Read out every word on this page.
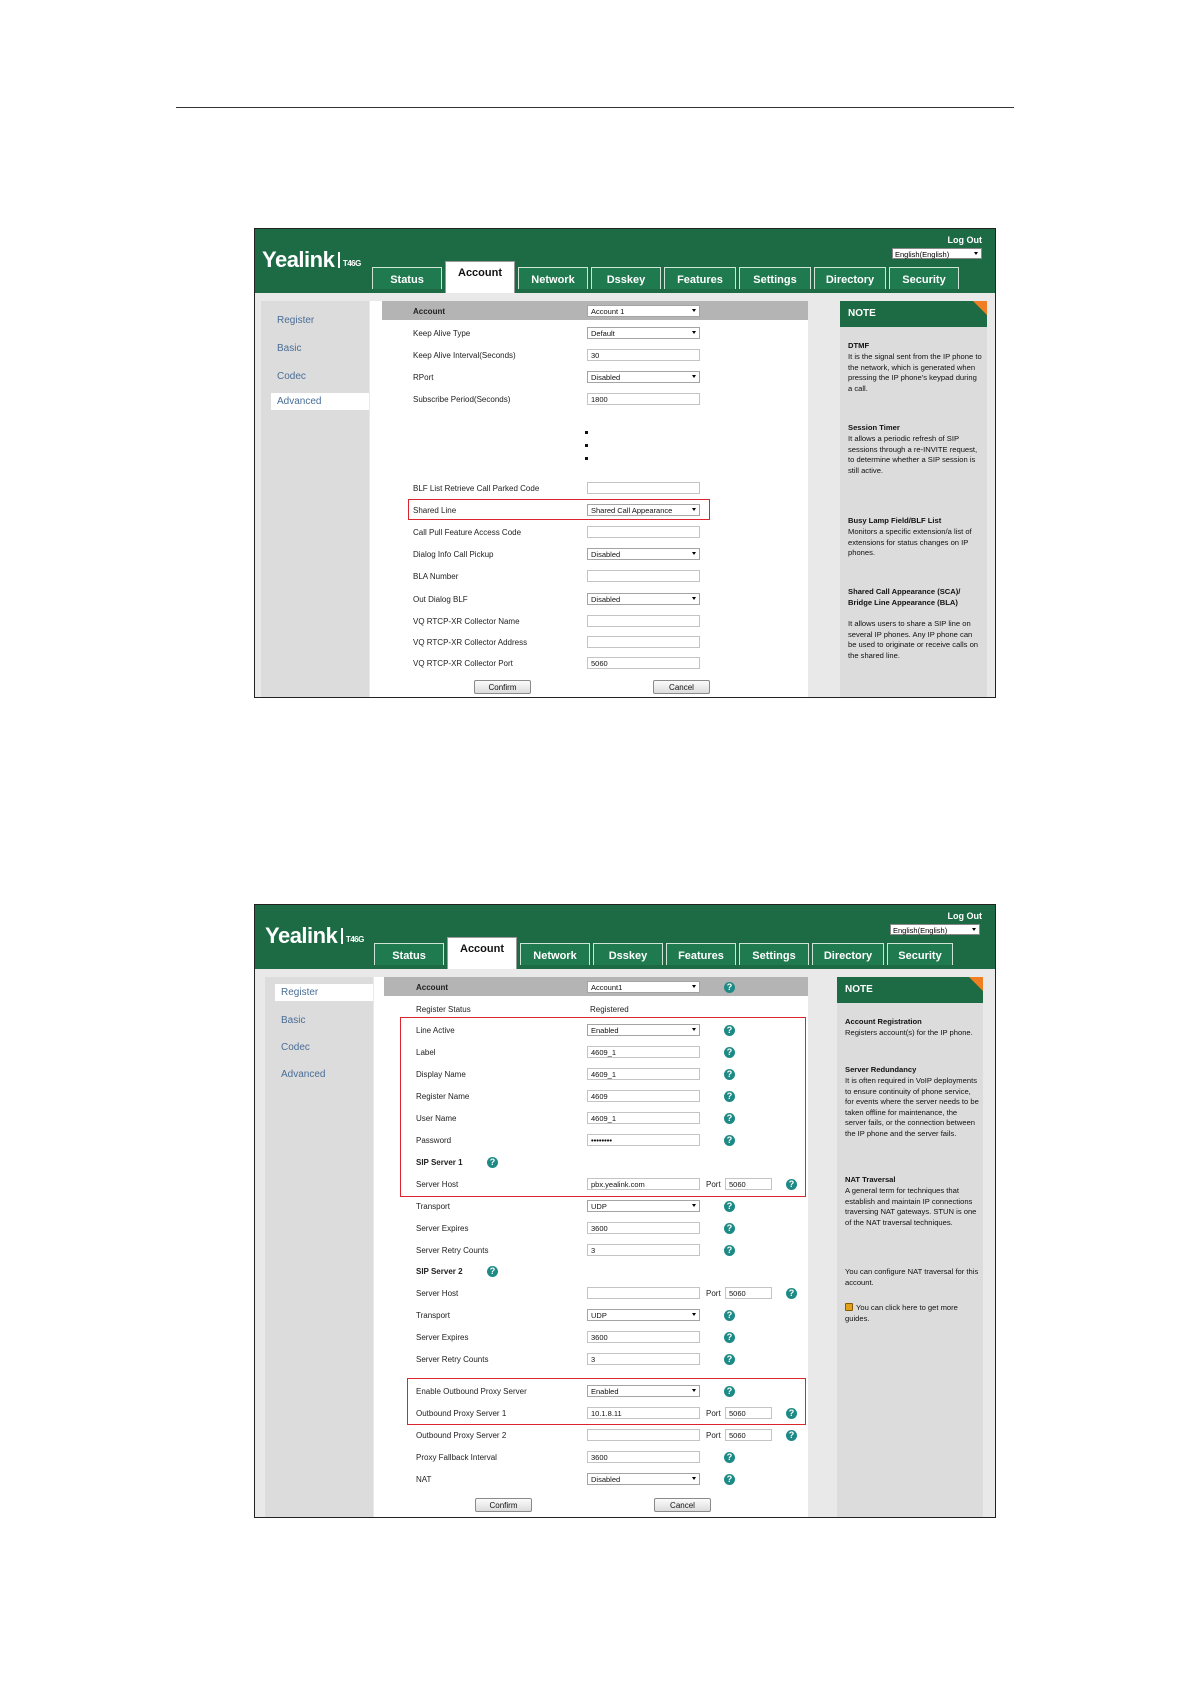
Yealink T46G
Log Out
English(English)
Status
Account
Network	Dsskey	Features	Settings	Directory	Security
Register
Basic
Codec
Advanced
Account	Account 1
Keep Alive Type	Default
Keep Alive Interval(Seconds)	30
RPort	Disabled
Subscribe Period(Seconds)	1800
BLF List Retrieve Call Parked Code
Shared Line	Shared Call Appearance
Call Pull Feature Access Code
Dialog Info Call Pickup	Disabled
BLA Number
Out Dialog BLF	Disabled
VQ RTCP-XR Collector Name
VQ RTCP-XR Collector Address
VQ RTCP-XR Collector Port	5060
Confirm	Cancel
NOTE
DTMF
It is the signal sent from the IP phone to the network, which is generated when pressing the IP phone's keypad during a call.
Session Timer
It allows a periodic refresh of SIP sessions through a re-INVITE request, to determine whether a SIP session is still active.
Busy Lamp Field/BLF List
Monitors a specific extension/a list of extensions for status changes on IP phones.
Shared Call Appearance (SCA)/ Bridge Line Appearance (BLA)
It allows users to share a SIP line on several IP phones. Any IP phone can be used to originate or receive calls on the shared line.
Yealink T46G
Log Out
English(English)
Status
Account
Network	Dsskey	Features	Settings	Directory	Security
Register
Basic
Codec
Advanced
Account	Account1	?
Register Status	Registered
Line Active	Enabled	?
Label	4609_1	?
Display Name	4609_1	?
Register Name	4609	?
User Name	4609_1	?
Password	••••••••	?
SIP Server 1	?
Server Host	pbx.yealink.com	Port	5060	?
Transport	UDP	?
Server Expires	3600	?
Server Retry Counts	3	?
SIP Server 2	?
Server Host	Port	5060	?
Transport	UDP	?
Server Expires	3600	?
Server Retry Counts	3	?
Enable Outbound Proxy Server	Enabled	?
Outbound Proxy Server 1	10.1.8.11	Port	5060	?
Outbound Proxy Server 2	Port	5060	?
Proxy Fallback Interval	3600	?
NAT	Disabled	?
Confirm	Cancel
NOTE
Account Registration
Registers account(s) for the IP phone.
Server Redundancy
It is often required in VoIP deployments to ensure continuity of phone service, for events where the server needs to be taken offline for maintenance, the server fails, or the connection between the IP phone and the server fails.
NAT Traversal
A general term for techniques that establish and maintain IP connections traversing NAT gateways. STUN is one of the NAT traversal techniques.
You can configure NAT traversal for this account.
You can click here to get more guides.
